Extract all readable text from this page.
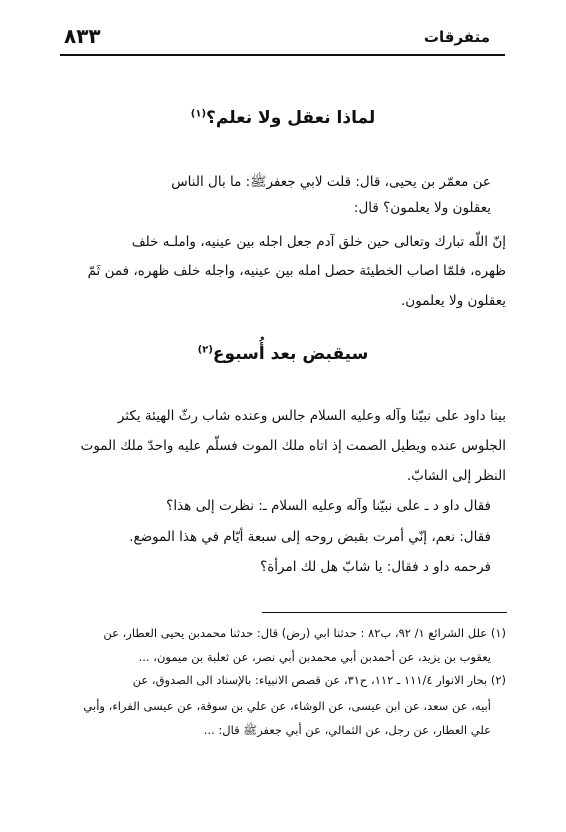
متفرقات
٨٣٣
لماذا نعقل ولا نعلم؟$^{(١)}$
عن معمّر بن يحيى، قال: قلت لابي جعفر‌ﷺ: ما بال الناس
يعقلون ولا يعلمون؟ قال:
إنّ اللّه تبارك وتعالى حين خلق آدم جعل اجله بين عينيه، واملـه خلف
ظهره، فلمّا اصاب الخطيئة حصل امله بين عينيه، واجله خلف ظهره، فمن ثَمّ
يعقلون ولا يعلمون.
سيقبض بعد أُسبوع$^{(٢)}$
بينا داود على نبيّنا وآله وعليه السلام جالس وعنده شاب رثّ الهيئة يكثر
الجلوس عنده ويطيل الصمت إذ اتاه ملك الموت فسلّم عليه واحدّ ملك الموت
النظر إلى الشابّ.
فقال داو د ـ على نبيّنا وآله وعليه السلام ـ: نظرت إلى هذا؟
فقال: نعم، إنّي أمرت بقبض روحه إلى سبعة أيّام في هذا الموضع.
فرحمه داو د فقال: يا شابّ هل لك امرأة؟
(١) علل الشرائع ١/ ٩٢، ب٨٢ : حدثنا ابي (رض) قال: حدثنا محمدبن يحيى العطار، عن
يعقوب بن يزيد، عن أحمدبن أبي محمدبن أبي نصر، عن ثعلبة بن ميمون، ...
(٢) بحار الانوار ١١١/٤ ـ ١١٢، ح٣١، عن قصص الانبياء: بالإسناد الى الصدوق، عن
أبيه، عن سعد، عن ابن عيسى، عن الوشاء، عن علي بن سوقة، عن عيسى الفراء، وأبي
علي العطار، عن رجل، عن الثمالي، عن أبي جعفر‌ﷺ قال: ...
